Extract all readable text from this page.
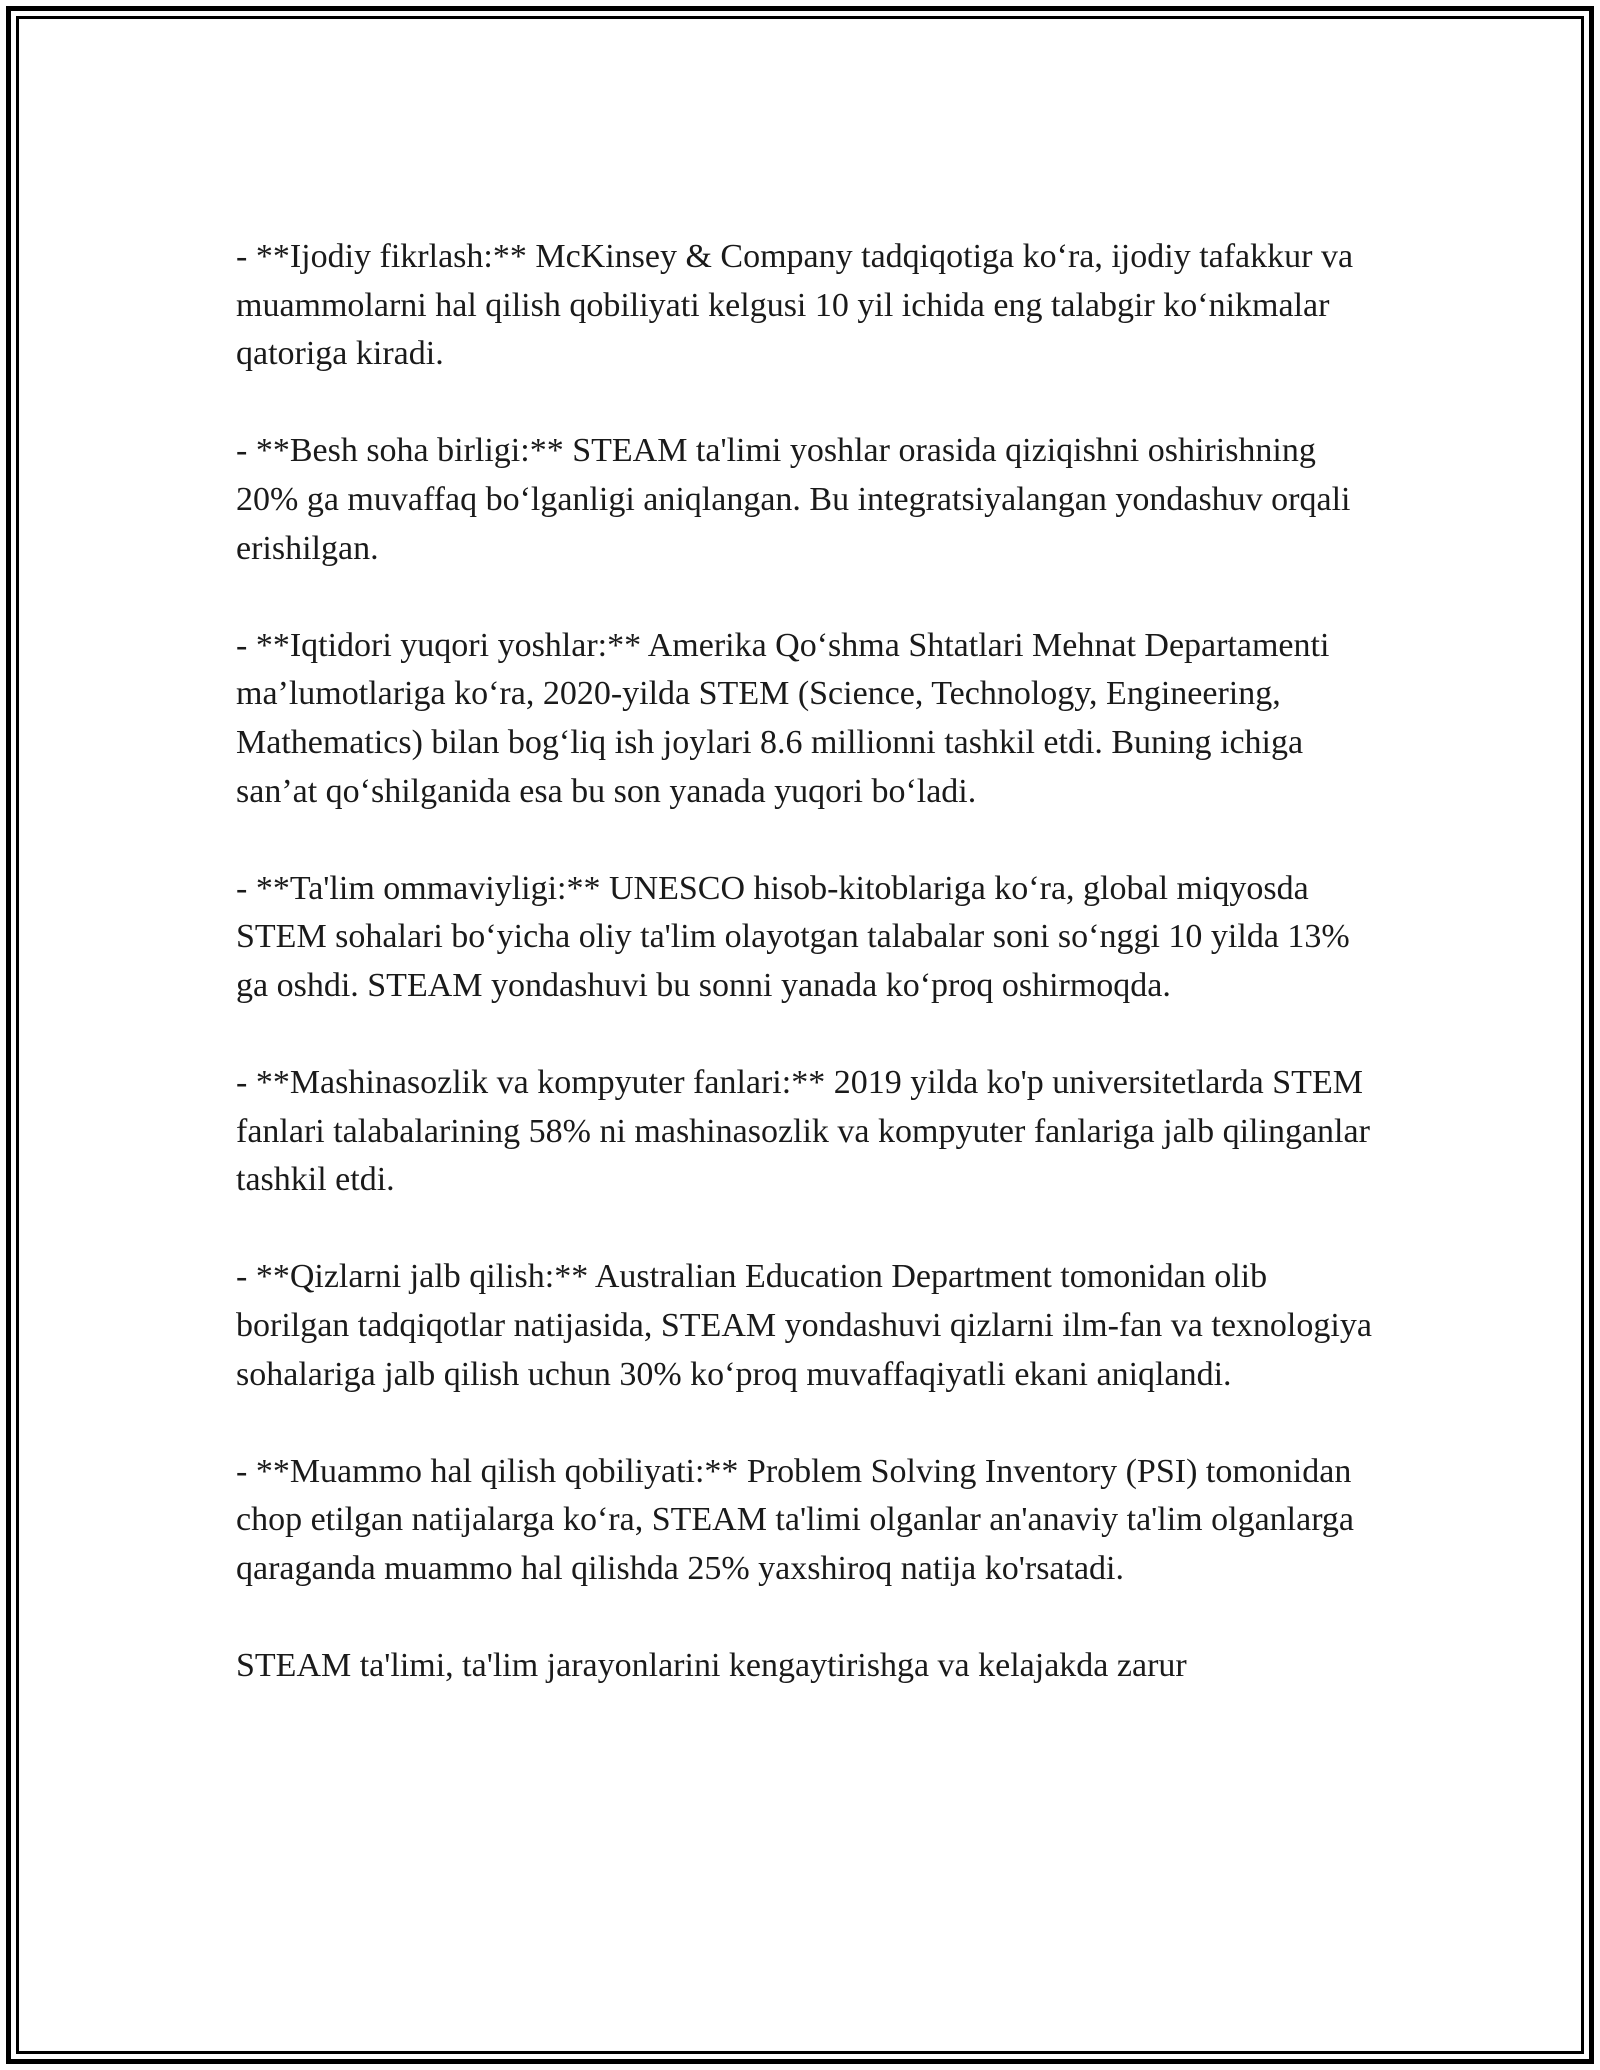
- **Ijodiy fikrlash:** McKinsey & Company tadqiqotiga koʻra, ijodiy tafakkur va muammolarni hal qilish qobiliyati kelgusi 10 yil ichida eng talabgir koʻnikmalar qatoriga kiradi.

- **Besh soha birligi:** STEAM ta'limi yoshlar orasida qiziqishni oshirishning 20% ga muvaffaq boʻlganligi aniqlangan. Bu integratsiyalangan yondashuv orqali erishilgan.

- **Iqtidori yuqori yoshlar:** Amerika Qoʻshma Shtatlari Mehnat Departamenti ma’lumotlariga koʻra, 2020-yilda STEM (Science, Technology, Engineering, Mathematics) bilan bogʻliq ish joylari 8.6 millionni tashkil etdi. Buning ichiga san’at qoʻshilganida esa bu son yanada yuqori boʻladi.

- **Ta'lim ommaviyligi:** UNESCO hisob-kitoblariga koʻra, global miqyosda STEM sohalari boʻyicha oliy ta'lim olayotgan talabalar soni soʻnggi 10 yilda 13% ga oshdi. STEAM yondashuvi bu sonni yanada koʻproq oshirmoqda.

- **Mashinasozlik va kompyuter fanlari:** 2019 yilda ko'p universitetlarda STEM fanlari talabalarining 58% ni mashinasozlik va kompyuter fanlariga jalb qilinganlar tashkil etdi.

- **Qizlarni jalb qilish:** Australian Education Department tomonidan olib borilgan tadqiqotlar natijasida, STEAM yondashuvi qizlarni ilm-fan va texnologiya sohalariga jalb qilish uchun 30% koʻproq muvaffaqiyatli ekani aniqlandi.

- **Muammo hal qilish qobiliyati:** Problem Solving Inventory (PSI) tomonidan chop etilgan natijalarga koʻra, STEAM ta'limi olganlar an'anaviy ta'lim olganlarga qaraganda muammo hal qilishda 25% yaxshiroq natija ko'rsatadi.

STEAM ta'limi, ta'lim jarayonlarini kengaytirishga va kelajakda zarur
